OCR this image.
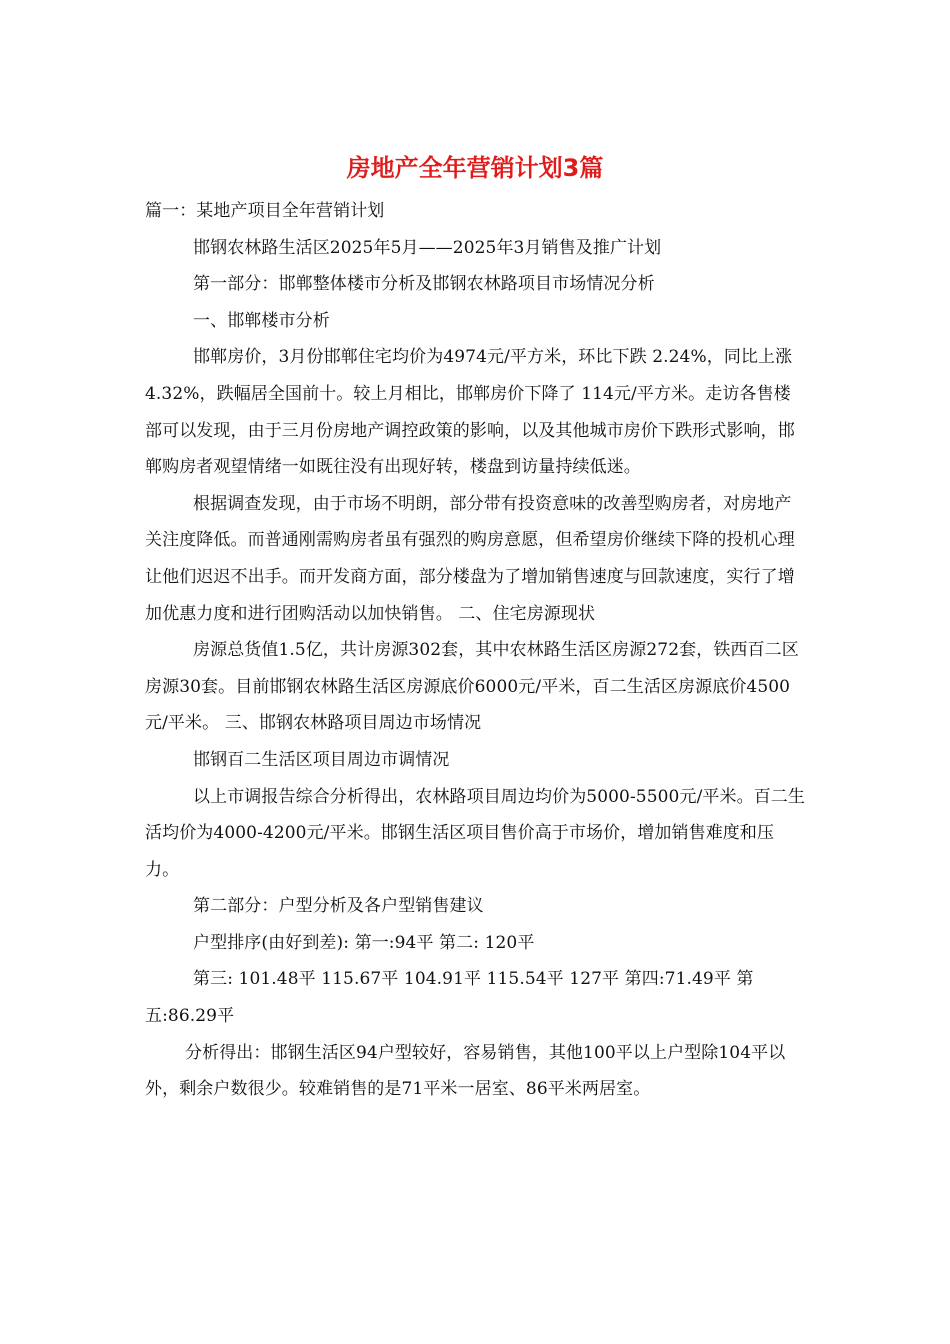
房地产全年营销计划3篇

篇一：某地产项目全年营销计划

邯钢农林路生活区2025年5月——2025年3月销售及推广计划

第一部分：邯郸整体楼市分析及邯钢农林路项目市场情况分析

一、邯郸楼市分析

邯郸房价，3月份邯郸住宅均价为4974元/平方米，环比下跌 2.24%，同比上涨 4.32%，跌幅居全国前十。较上月相比，邯郸房价下降了 114元/平方米。走访各售楼部可以发现，由于三月份房地产调控政策的影响，以及其他城市房价下跌形式影响，邯郸购房者观望情绪一如既往没有出现好转，楼盘到访量持续低迷。

根据调查发现，由于市场不明朗，部分带有投资意味的改善型购房者，对房地产关注度降低。而普通刚需购房者虽有强烈的购房意愿，但希望房价继续下降的投机心理让他们迟迟不出手。而开发商方面，部分楼盘为了增加销售速度与回款速度，实行了增加优惠力度和进行团购活动以加快销售。 二、住宅房源现状

房源总货值1.5亿，共计房源302套，其中农林路生活区房源272套，铁西百二区房源30套。目前邯钢农林路生活区房源底价6000元/平米，百二生活区房源底价4500元/平米。 三、邯钢农林路项目周边市场情况

邯钢百二生活区项目周边市调情况

以上市调报告综合分析得出，农林路项目周边均价为5000-5500元/平米。百二生活均价为4000-4200元/平米。邯钢生活区项目售价高于市场价，增加销售难度和压力。

第二部分：户型分析及各户型销售建议

户型排序(由好到差): 第一:94平 第二: 120平

第三: 101.48平 115.67平 104.91平 115.54平 127平 第四:71.49平 第五:86.29平

分析得出：邯钢生活区94户型较好，容易销售，其他100平以上户型除104平以外，剩余户数很少。较难销售的是71平米一居室、86平米两居室。
